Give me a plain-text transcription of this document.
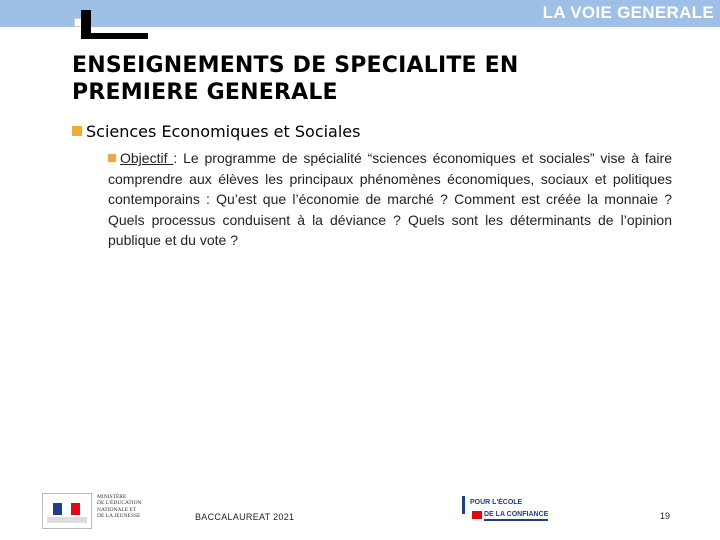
LA VOIE GENERALE
ENSEIGNEMENTS DE SPECIALITE EN
PREMIERE GENERALE
Sciences Economiques et Sociales
Objectif : Le programme de spécialité “sciences économiques et sociales” vise à faire comprendre aux élèves les principaux phénomènes économiques, sociaux et politiques contemporains : Qu’est que l’économie de marché ? Comment est créée la monnaie ? Quels processus conduisent à la déviance ? Quels sont les déterminants de l’opinion publique et du vote ?
MINISTÈRE
DE L'ÉDUCATION
NATIONALE ET
DE LA JEUNESSE	BACCALAUREAT 2021
POUR L'ÉCOLE
DE LA CONFIANCE	19
